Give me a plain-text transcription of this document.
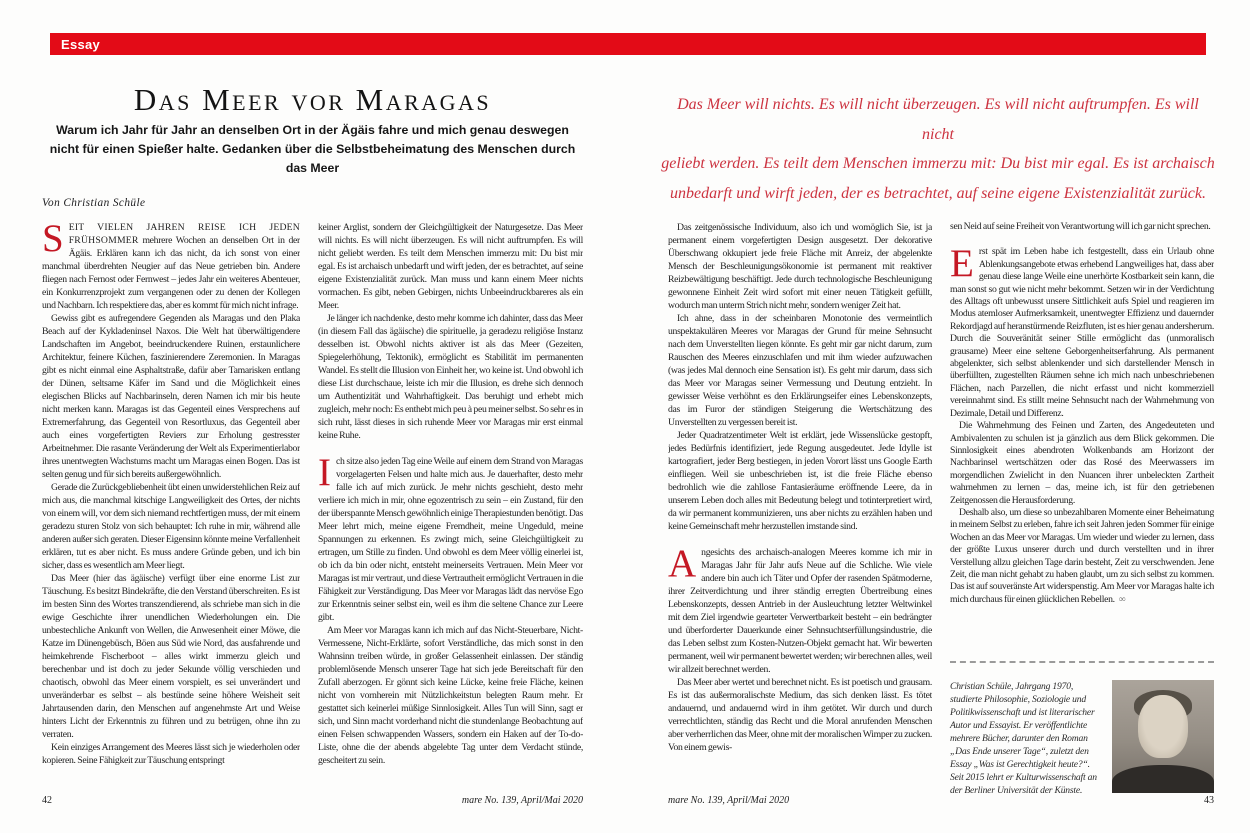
Essay
Das Meer vor Maragas
Warum ich Jahr für Jahr an denselben Ort in der Ägäis fahre und mich genau deswegen
nicht für einen Spießer halte. Gedanken über die Selbstbeheimatung des Menschen durch das Meer
Das Meer will nichts. Es will nicht überzeugen. Es will nicht auftrumpfen. Es will nicht
geliebt werden. Es teilt dem Menschen immerzu mit: Du bist mir egal. Es ist archaisch
unbedarft und wirft jeden, der es betrachtet, auf seine eigene Existenzialität zurück.
Von Christian Schüle

SEIT VIELEN JAHREN REISE ICH JEDEN FRÜHSOMMER mehrere Wochen an denselben Ort in der Ägäis. Erklären kann ich das nicht, da ich sonst von einer manchmal überdrehten Neugier auf das Neue getrieben bin. Andere fliegen nach Fernost oder Fernwest – jedes Jahr ein weiteres Abenteuer, ein Konkurrenzprojekt zum vergangenen oder zu denen der Kollegen und Nachbarn. Ich respektiere das, aber es kommt für mich nicht infrage.

Gewiss gibt es aufregendere Gegenden als Maragas und den Plaka Beach auf der Kykladeninsel Naxos. Die Welt hat überwältigendere Landschaften im Angebot, beeindruckendere Ruinen, erstaunlichere Architektur, feinere Küchen, faszinierendere Zeremonien. In Maragas gibt es nicht einmal eine Asphaltstraße, dafür aber Tamarisken entlang der Dünen, seltsame Käfer im Sand und die Möglichkeit eines elegischen Blicks auf Nachbarinseln, deren Namen ich mir bis heute nicht merken kann. Maragas ist das Gegenteil eines Versprechens auf Extremerfahrung, das Gegenteil von Resortluxus, das Gegenteil aber auch eines vorgefertigten Reviers zur Erholung gestresster Arbeitnehmer. Die rasante Veränderung der Welt als Experimentierlabor ihres unentwegten Wachstums macht um Maragas einen Bogen. Das ist selten genug und für sich bereits außergewöhnlich.

Gerade die Zurückgebliebenheit übt einen unwiderstehlichen Reiz auf mich aus, die manchmal kitschige Langweiligkeit des Ortes, der nichts von einem will, vor dem sich niemand rechtfertigen muss, der mit einem geradezu sturen Stolz von sich behauptet: Ich ruhe in mir, während alle anderen außer sich geraten. Dieser Eigensinn könnte meine Verfallenheit erklären, tut es aber nicht. Es muss andere Gründe geben, und ich bin sicher, dass es wesentlich am Meer liegt.

Das Meer (hier das ägäische) verfügt über eine enorme List zur Täuschung. Es besitzt Bindekräfte, die den Verstand überschreiten. Es ist im besten Sinn des Wortes transzendierend, als schriebe man sich in die ewige Geschichte ihrer unendlichen Wiederholungen ein. Die unbestechliche Ankunft von Wellen, die Anwesenheit einer Möwe, die Katze im Dünengebüsch, Böen aus Süd wie Nord, das ausfahrende und heimkehrende Fischerboot – alles wirkt immerzu gleich und berechenbar und ist doch zu jeder Sekunde völlig verschieden und chaotisch, obwohl das Meer einem vorspielt, es sei unverändert und unveränderbar es selbst – als bestünde seine höhere Weisheit seit Jahrtausenden darin, den Menschen auf angenehmste Art und Weise hinters Licht der Erkenntnis zu führen und zu betrügen, ohne ihn zu verraten.

Kein einziges Arrangement des Meeres lässt sich je wiederholen oder kopieren. Seine Fähigkeit zur Täuschung entspringt

keiner Arglist, sondern der Gleichgültigkeit der Naturgesetze. Das Meer will nichts. Es will nicht überzeugen. Es will nicht auftrumpfen. Es will nicht geliebt werden. Es teilt dem Menschen immerzu mit: Du bist mir egal. Es ist archaisch unbedarft und wirft jeden, der es betrachtet, auf seine eigene Existenzialität zurück. Man muss und kann einem Meer nichts vormachen. Es gibt, neben Gebirgen, nichts Unbeeindruckbareres als ein Meer.

Je länger ich nachdenke, desto mehr komme ich dahinter, dass das Meer (in diesem Fall das ägäische) die spirituelle, ja geradezu religiöse Instanz desselben ist. Obwohl nichts aktiver ist als das Meer (Gezeiten, Spiegelerhöhung, Tektonik), ermöglicht es Stabilität im permanenten Wandel. Es stellt die Illusion von Einheit her, wo keine ist. Und obwohl ich diese List durchschaue, leiste ich mir die Illusion, es drehe sich dennoch um Authentizität und Wahrhaftigkeit. Das beruhigt und erhebt mich zugleich, mehr noch: Es enthebt mich peu à peu meiner selbst. So sehr es in sich ruht, lässt dieses in sich ruhende Meer vor Maragas mir erst einmal keine Ruhe.

Ich sitze also jeden Tag eine Weile auf einem dem Strand von Maragas vorgelagerten Felsen und halte mich aus. Je dauerhafter, desto mehr falle ich auf mich zurück. Je mehr nichts geschieht, desto mehr verliere ich mich in mir, ohne egozentrisch zu sein – ein Zustand, für den der überspannte Mensch gewöhnlich einige Therapiestunden benötigt. Das Meer lehrt mich, meine eigene Fremdheit, meine Ungeduld, meine Spannungen zu erkennen. Es zwingt mich, seine Gleichgültigkeit zu ertragen, um Stille zu finden. Und obwohl es dem Meer völlig einerlei ist, ob ich da bin oder nicht, entsteht meinerseits Vertrauen. Mein Meer vor Maragas ist mir vertraut, und diese Vertrautheit ermöglicht Vertrauen in die Fähigkeit zur Verständigung. Das Meer vor Maragas lädt das nervöse Ego zur Erkenntnis seiner selbst ein, weil es ihm die seltene Chance zur Leere gibt.

Am Meer vor Maragas kann ich mich auf das Nicht-Steuerbare, Nicht-Vermessene, Nicht-Erklärte, sofort Verständliche, das mich sonst in den Wahnsinn treiben würde, in großer Gelassenheit einlassen. Der ständig problemlösende Mensch unserer Tage hat sich jede Bereitschaft für den Zufall aberzogen. Er gönnt sich keine Lücke, keine freie Fläche, keinen nicht von vornherein mit Nützlichkeitstun belegten Raum mehr. Er gestattet sich keinerlei müßige Sinnlosigkeit. Alles Tun will Sinn, sagt er sich, und Sinn macht vorderhand nicht die stundenlange Beobachtung auf einen Felsen schwappenden Wassers, sondern ein Haken auf der To-do-Liste, ohne die der abends abgelebte Tag unter dem Verdacht stünde, gescheitert zu sein.

Das zeitgenössische Individuum, also ich und womöglich Sie, ist ja permanent einem vorgefertigten Design ausgesetzt. Der dekorative Überschwang okkupiert jede freie Fläche mit Anreiz, der abgelenkte Mensch der Beschleunigungsökonomie ist permanent mit reaktiver Reizbewältigung beschäftigt. Jede durch technologische Beschleunigung gewonnene Einheit Zeit wird sofort mit einer neuen Tätigkeit gefüllt, wodurch man unterm Strich nicht mehr, sondern weniger Zeit hat.

Ich ahne, dass in der scheinbaren Monotonie des vermeintlich unspektakulären Meeres vor Maragas der Grund für meine Sehnsucht nach dem Unverstellten liegen könnte. Es geht mir gar nicht darum, zum Rauschen des Meeres einzuschlafen und mit ihm wieder aufzuwachen (was jedes Mal dennoch eine Sensation ist). Es geht mir darum, dass sich das Meer vor Maragas seiner Vermessung und Deutung entzieht. In gewisser Weise verhöhnt es den Erklärungseifer eines Lebenskonzepts, das im Furor der ständigen Steigerung die Wertschätzung des Unverstellten zu vergessen bereit ist.

Jeder Quadratzentimeter Welt ist erklärt, jede Wissenslücke gestopft, jedes Bedürfnis identifiziert, jede Regung ausgedeutet. Jede Idylle ist kartografiert, jeder Berg bestiegen, in jeden Vorort lässt uns Google Earth einfliegen. Weil sie unbeschrieben ist, ist die freie Fläche ebenso bedrohlich wie die zahllose Fantasieräume eröffnende Leere, da in unserem Leben doch alles mit Bedeutung belegt und totinterpretiert wird, da wir permanent kommunizieren, uns aber nichts zu erzählen haben und keine Gemeinschaft mehr herzustellen imstande sind.

Angesichts des archaisch-analogen Meeres komme ich mir in Maragas Jahr für Jahr aufs Neue auf die Schliche. Wie viele andere bin auch ich Täter und Opfer der rasenden Spätmoderne, ihrer Zeitverdichtung und ihrer ständig erregten Übertreibung eines Lebenskonzepts, dessen Antrieb in der Ausleuchtung letzter Weltwinkel mit dem Ziel irgendwie gearteter Verwertbarkeit besteht – ein bedrängter und überforderter Dauerkunde einer Sehnsuchtserfüllungsindustrie, die das Leben selbst zum Kosten-Nutzen-Objekt gemacht hat. Wir bewerten permanent, weil wir permanent bewertet werden; wir berechnen alles, weil wir allzeit berechnet werden.

Das Meer aber wertet und berechnet nicht. Es ist poetisch und grausam. Es ist das außermoralischste Medium, das sich denken lässt. Es tötet andauernd, und andauernd wird in ihm getötet. Wir durch und durch verrechtlichten, ständig das Recht und die Moral anrufenden Menschen aber verherrlichen das Meer, ohne mit der moralischen Wimper zu zucken. Von einem gewis-

sen Neid auf seine Freiheit von Verantwortung will ich gar nicht sprechen.

Erst spät im Leben habe ich festgestellt, dass ein Urlaub ohne Ablenkungsangebote etwas erhebend Langweiliges hat, dass aber genau diese lange Weile eine unerhörte Kostbarkeit sein kann, die man sonst so gut wie nicht mehr bekommt. Setzen wir in der Verdichtung des Alltags oft unbewusst unsere Sittlichkeit aufs Spiel und reagieren im Modus atemloser Aufmerksamkeit, unentwegter Effizienz und dauernder Rekordjagd auf heranstürmende Reizfluten, ist es hier genau andersherum. Durch die Souveränität seiner Stille ermöglicht das (unmoralisch grausame) Meer eine seltene Geborgenheitserfahrung. Als permanent abgelenkter, sich selbst ablenkender und sich darstellender Mensch in überfüllten, zugestellten Räumen sehne ich mich nach unbeschriebenen Flächen, nach Parzellen, die nicht erfasst und nicht kommerziell vereinnahmt sind. Es stillt meine Sehnsucht nach der Wahrnehmung von Dezimale, Detail und Differenz.

Die Wahrnehmung des Feinen und Zarten, des Angedeuteten und Ambivalenten zu schulen ist ja gänzlich aus dem Blick gekommen. Die Sinnlosigkeit eines abendroten Wolkenbands am Horizont der Nachbarinsel wertschätzen oder das Rosé des Meerwassers im morgendlichen Zwielicht in den Nuancen ihrer unbeleckten Zartheit wahrnehmen zu lernen – das, meine ich, ist für den getriebenen Zeitgenossen die Herausforderung.

Deshalb also, um diese so unbezahlbaren Momente einer Beheimatung in meinem Selbst zu erleben, fahre ich seit Jahren jeden Sommer für einige Wochen an das Meer vor Maragas. Um wieder und wieder zu lernen, dass der größte Luxus unserer durch und durch verstellten und in ihrer Verstellung allzu gleichen Tage darin besteht, Zeit zu verschwenden. Jene Zeit, die man nicht gehabt zu haben glaubt, um zu sich selbst zu kommen. Das ist auf souveränste Art widerspenstig. Am Meer vor Maragas halte ich mich durchaus für einen glücklichen Rebellen. ∞

Christian Schüle, Jahrgang 1970, studierte Philosophie, Soziologie und Politikwissenschaft und ist literarischer Autor und Essayist. Er veröffentlichte mehrere Bücher, darunter den Roman „Das Ende unserer Tage“, zuletzt den Essay „Was ist Gerechtigkeit heute?“. Seit 2015 lehrt er Kulturwissenschaft an der Berliner Universität der Künste.
42	mare No. 139, April/Mai 2020	mare No. 139, April/Mai 2020	43
